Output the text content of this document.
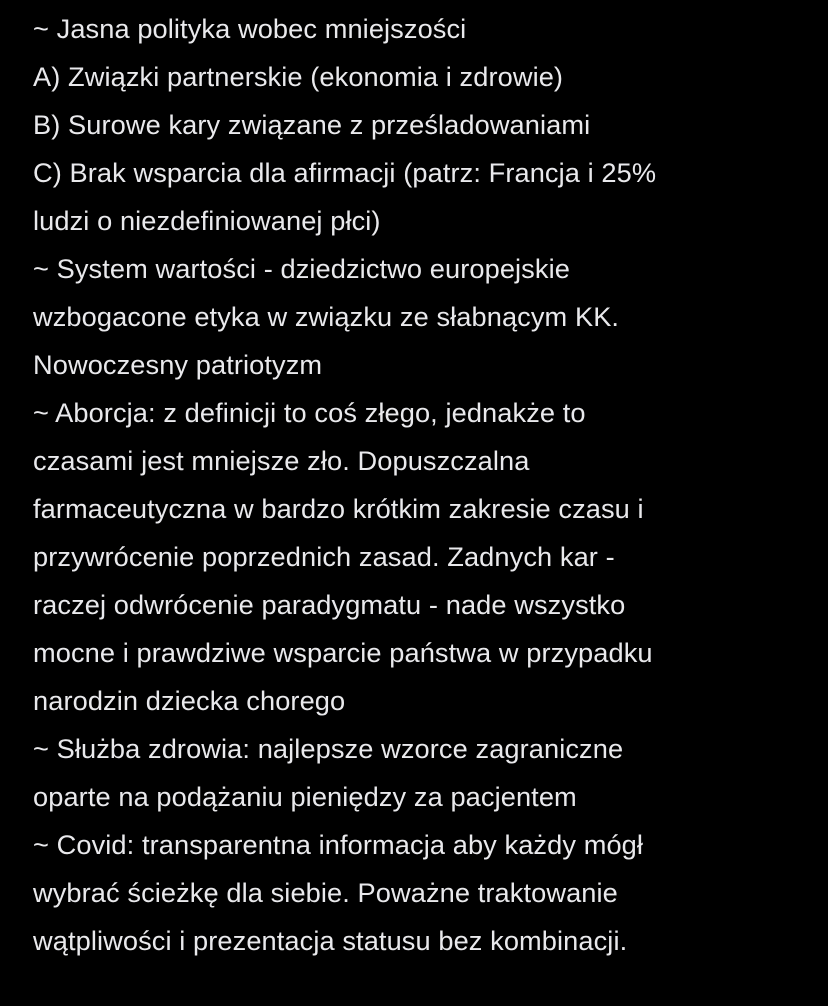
~ Jasna polityka wobec mniejszości
A) Związki partnerskie (ekonomia i zdrowie)
B) Surowe kary związane z prześladowaniami
C) Brak wsparcia dla afirmacji (patrz: Francja i 25%
ludzi o niezdefiniowanej płci)
~ System wartości - dziedzictwo europejskie
wzbogacone etyka w związku ze słabnącym KK.
Nowoczesny patriotyzm
~ Aborcja: z definicji to coś złego, jednakże to
czasami jest mniejsze zło. Dopuszczalna
farmaceutyczna w bardzo krótkim zakresie czasu i
przywrócenie poprzednich zasad. Zadnych kar -
raczej odwrócenie paradygmatu - nade wszystko
mocne i prawdziwe wsparcie państwa w przypadku
narodzin dziecka chorego
~ Służba zdrowia: najlepsze wzorce zagraniczne
oparte na podążaniu pieniędzy za pacjentem
~ Covid: transparentna informacja aby każdy mógł
wybrać ścieżkę dla siebie. Poważne traktowanie
wątpliwości i prezentacja statusu bez kombinacji.
